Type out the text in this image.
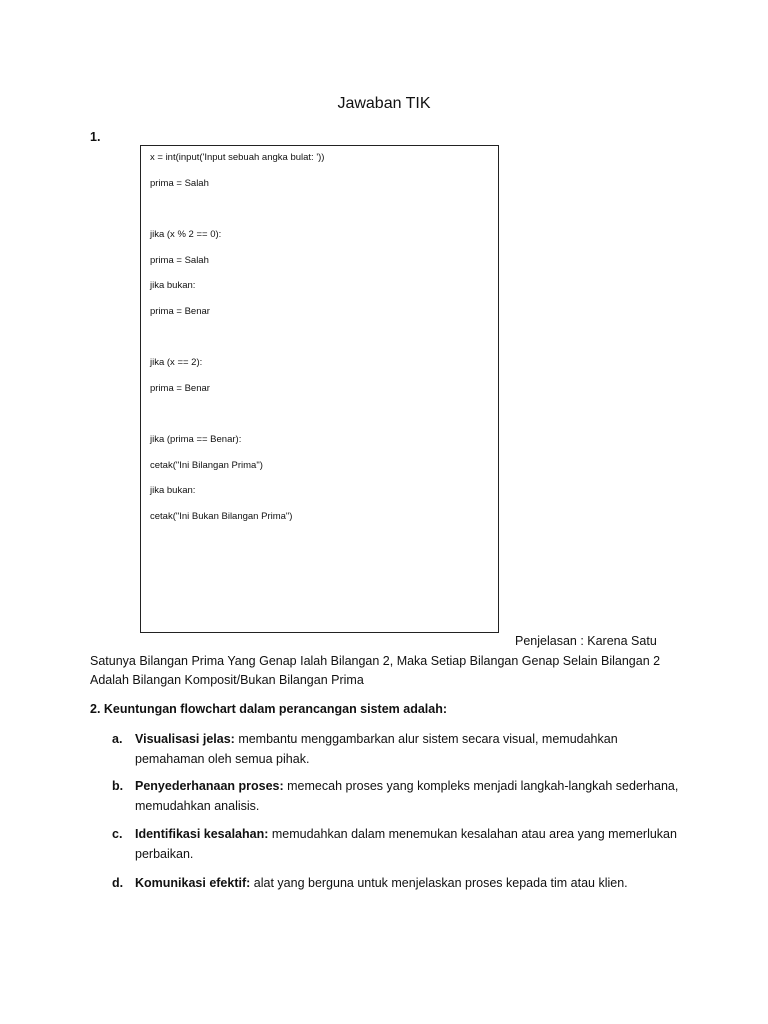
Jawaban TIK
1.
x = int(input('Input sebuah angka bulat: '))
prima = Salah
jika (x % 2 == 0):
prima = Salah
jika bukan:
prima = Benar
jika (x == 2):
prima = Benar
jika (prima == Benar):
cetak("Ini Bilangan Prima")
jika bukan:
cetak("Ini Bukan Bilangan Prima")
Penjelasan : Karena Satu
Satunya Bilangan Prima Yang Genap Ialah Bilangan 2, Maka Setiap Bilangan Genap Selain Bilangan 2
Adalah Bilangan Komposit/Bukan Bilangan Prima
2. Keuntungan flowchart dalam perancangan sistem adalah:
a. Visualisasi jelas: membantu menggambarkan alur sistem secara visual, memudahkan pemahaman oleh semua pihak.
b. Penyederhanaan proses: memecah proses yang kompleks menjadi langkah-langkah sederhana, memudahkan analisis.
c. Identifikasi kesalahan: memudahkan dalam menemukan kesalahan atau area yang memerlukan perbaikan.
d. Komunikasi efektif: alat yang berguna untuk menjelaskan proses kepada tim atau klien.
